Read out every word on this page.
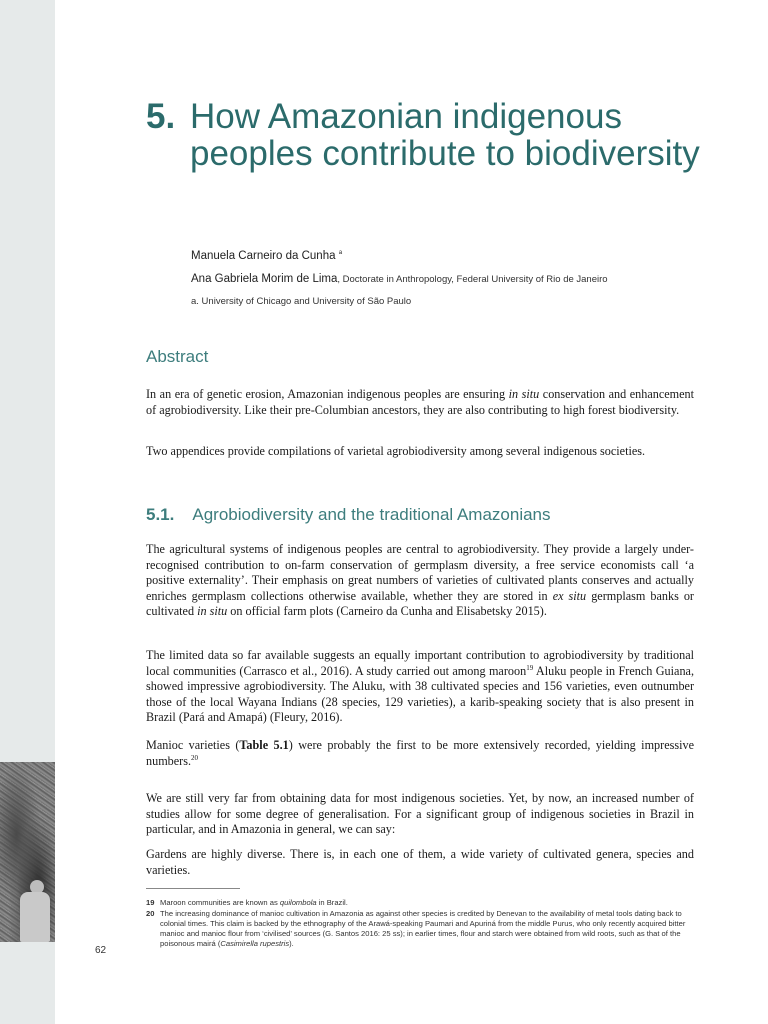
5. How Amazonian indigenous peoples contribute to biodiversity

Manuela Carneiro da Cunha $^a$

Ana Gabriela Morim de Lima, Doctorate in Anthropology, Federal University of Rio de Janeiro

a. University of Chicago and University of São Paulo
Abstract

In an era of genetic erosion, Amazonian indigenous peoples are ensuring in situ conservation and enhancement of agrobiodiversity. Like their pre-Columbian ancestors, they are also contributing to high forest biodiversity.

Two appendices provide compilations of varietal agrobiodiversity among several indigenous societies.

5.1. Agrobiodiversity and the traditional Amazonians

The agricultural systems of indigenous peoples are central to agrobiodiversity. They provide a largely under-recognised contribution to on-farm conservation of germplasm diversity, a free service economists call ‘a positive externality’. Their emphasis on great numbers of varieties of cultivated plants conserves and actually enriches germplasm collections otherwise available, whether they are stored in ex situ germplasm banks or cultivated in situ on official farm plots (Carneiro da Cunha and Elisabetsky 2015).

The limited data so far available suggests an equally important contribution to agrobiodiversity by traditional local communities (Carrasco et al., 2016). A study carried out among maroon$^{19}$ Aluku people in French Guiana, showed impressive agrobiodiversity. The Aluku, with 38 cultivated species and 156 varieties, even outnumber those of the local Wayana Indians (28 species, 129 varieties), a karib-speaking society that is also present in Brazil (Pará and Amapá) (Fleury, 2016).

Manioc varieties (Table 5.1) were probably the first to be more extensively recorded, yielding impressive numbers.$^{20}$

We are still very far from obtaining data for most indigenous societies. Yet, by now, an increased number of studies allow for some degree of generalisation. For a significant group of indigenous societies in Brazil in particular, and in Amazonia in general, we can say:

Gardens are highly diverse. There is, in each one of them, a wide variety of cultivated genera, species and varieties.

19 Maroon communities are known as quilombola in Brazil.
20 The increasing dominance of manioc cultivation in Amazonia as against other species is credited by Denevan to the availability of metal tools dating back to colonial times. This claim is backed by the ethnography of the Arawá-speaking Paumari and Apuriná from the middle Purus, who only recently acquired bitter manioc and manioc flour from ‘civilised’ sources (G. Santos 2016: 25 ss); in earlier times, flour and starch were obtained from wild roots, such as that of the poisonous mairá (Casimirella rupestris).
62
